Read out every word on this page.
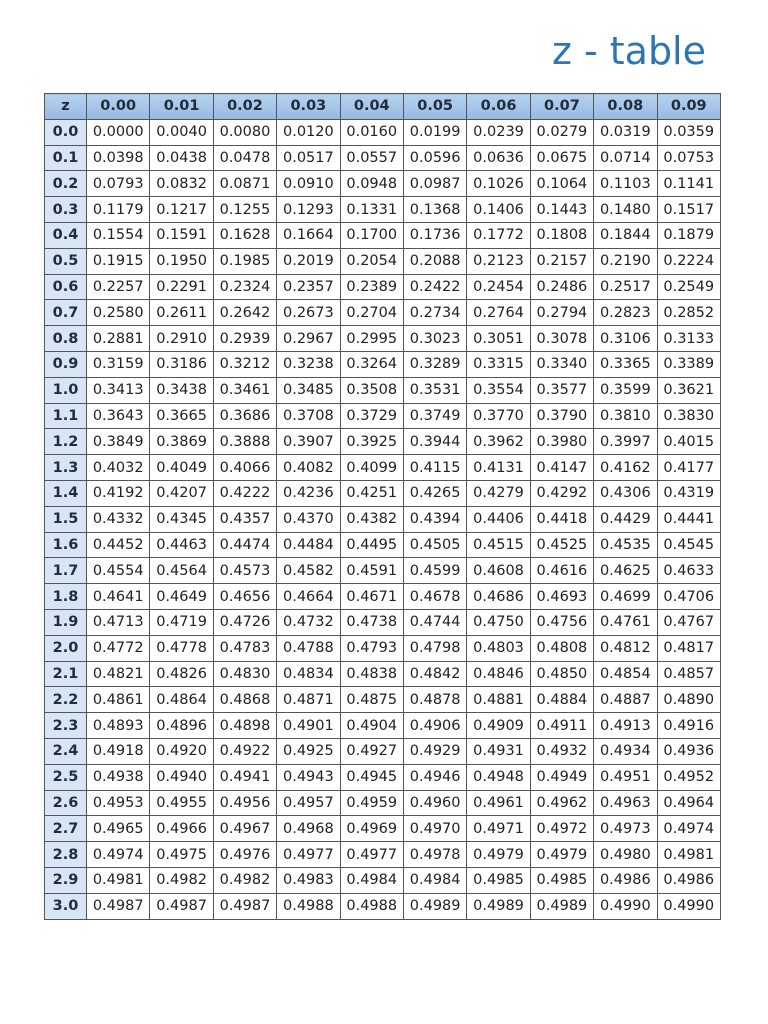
z - table
z	0.00	0.01	0.02	0.03	0.04	0.05	0.06	0.07	0.08	0.09
0.0	0.0000	0.0040	0.0080	0.0120	0.0160	0.0199	0.0239	0.0279	0.0319	0.0359
0.1	0.0398	0.0438	0.0478	0.0517	0.0557	0.0596	0.0636	0.0675	0.0714	0.0753
0.2	0.0793	0.0832	0.0871	0.0910	0.0948	0.0987	0.1026	0.1064	0.1103	0.1141
0.3	0.1179	0.1217	0.1255	0.1293	0.1331	0.1368	0.1406	0.1443	0.1480	0.1517
0.4	0.1554	0.1591	0.1628	0.1664	0.1700	0.1736	0.1772	0.1808	0.1844	0.1879
0.5	0.1915	0.1950	0.1985	0.2019	0.2054	0.2088	0.2123	0.2157	0.2190	0.2224
0.6	0.2257	0.2291	0.2324	0.2357	0.2389	0.2422	0.2454	0.2486	0.2517	0.2549
0.7	0.2580	0.2611	0.2642	0.2673	0.2704	0.2734	0.2764	0.2794	0.2823	0.2852
0.8	0.2881	0.2910	0.2939	0.2967	0.2995	0.3023	0.3051	0.3078	0.3106	0.3133
0.9	0.3159	0.3186	0.3212	0.3238	0.3264	0.3289	0.3315	0.3340	0.3365	0.3389
1.0	0.3413	0.3438	0.3461	0.3485	0.3508	0.3531	0.3554	0.3577	0.3599	0.3621
1.1	0.3643	0.3665	0.3686	0.3708	0.3729	0.3749	0.3770	0.3790	0.3810	0.3830
1.2	0.3849	0.3869	0.3888	0.3907	0.3925	0.3944	0.3962	0.3980	0.3997	0.4015
1.3	0.4032	0.4049	0.4066	0.4082	0.4099	0.4115	0.4131	0.4147	0.4162	0.4177
1.4	0.4192	0.4207	0.4222	0.4236	0.4251	0.4265	0.4279	0.4292	0.4306	0.4319
1.5	0.4332	0.4345	0.4357	0.4370	0.4382	0.4394	0.4406	0.4418	0.4429	0.4441
1.6	0.4452	0.4463	0.4474	0.4484	0.4495	0.4505	0.4515	0.4525	0.4535	0.4545
1.7	0.4554	0.4564	0.4573	0.4582	0.4591	0.4599	0.4608	0.4616	0.4625	0.4633
1.8	0.4641	0.4649	0.4656	0.4664	0.4671	0.4678	0.4686	0.4693	0.4699	0.4706
1.9	0.4713	0.4719	0.4726	0.4732	0.4738	0.4744	0.4750	0.4756	0.4761	0.4767
2.0	0.4772	0.4778	0.4783	0.4788	0.4793	0.4798	0.4803	0.4808	0.4812	0.4817
2.1	0.4821	0.4826	0.4830	0.4834	0.4838	0.4842	0.4846	0.4850	0.4854	0.4857
2.2	0.4861	0.4864	0.4868	0.4871	0.4875	0.4878	0.4881	0.4884	0.4887	0.4890
2.3	0.4893	0.4896	0.4898	0.4901	0.4904	0.4906	0.4909	0.4911	0.4913	0.4916
2.4	0.4918	0.4920	0.4922	0.4925	0.4927	0.4929	0.4931	0.4932	0.4934	0.4936
2.5	0.4938	0.4940	0.4941	0.4943	0.4945	0.4946	0.4948	0.4949	0.4951	0.4952
2.6	0.4953	0.4955	0.4956	0.4957	0.4959	0.4960	0.4961	0.4962	0.4963	0.4964
2.7	0.4965	0.4966	0.4967	0.4968	0.4969	0.4970	0.4971	0.4972	0.4973	0.4974
2.8	0.4974	0.4975	0.4976	0.4977	0.4977	0.4978	0.4979	0.4979	0.4980	0.4981
2.9	0.4981	0.4982	0.4982	0.4983	0.4984	0.4984	0.4985	0.4985	0.4986	0.4986
3.0	0.4987	0.4987	0.4987	0.4988	0.4988	0.4989	0.4989	0.4989	0.4990	0.4990
